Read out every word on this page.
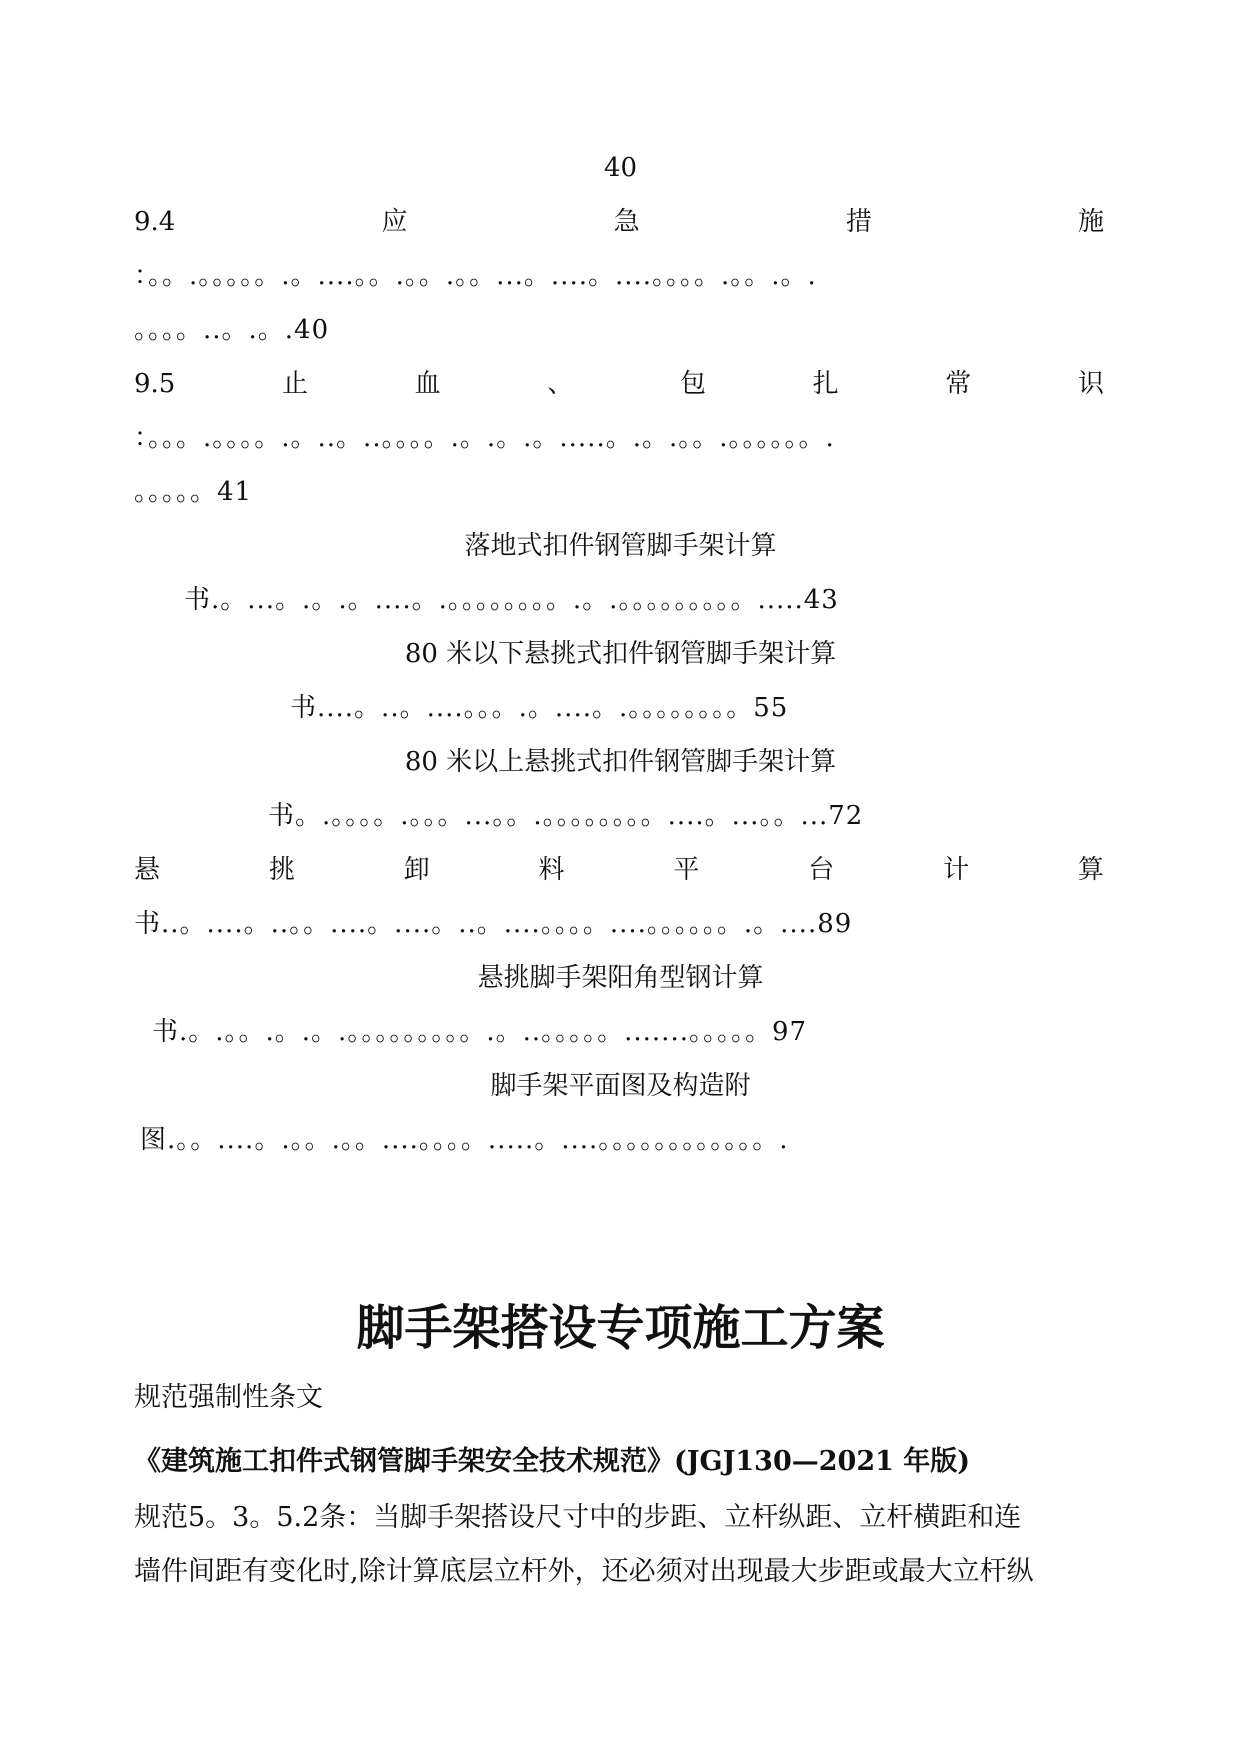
40
9.4	应	急	措	施
：。。.。。。。。.。....。。.。。.。。...。....。....。。。。.。。.。.
。。。。..。.。.40
9.5	止	血	、	包	扎	常	识
：。。。.。。。。.。..。..。。。。.。.。.。.....。.。.。。.。。。。。。.
。。。。。41
落地式扣件钢管脚手架计算
书.。...。.。.。....。.。。。。。。。。.。.。。。。。。。。。.....43
80 米以下悬挑式扣件钢管脚手架计算
书....。..。....。。。.。....。.。。。。。。。。55
80 米以上悬挑式扣件钢管脚手架计算
书。.。。。。.。。。...。。.。。。。。。。。....。...。。...72
悬	挑	卸	料	平	台	计	算
书..。....。..。。....。....。..。....。。。。....。。。。。。.。....89
悬挑脚手架阳角型钢计算
书.。.。。.。.。.。。。。。。。。。.。..。。。。。.......。。。。。97
脚手架平面图及构造附
图.。。....。.。。.。。....。。。。.....。....。。。。。。。。。。。。.
脚手架搭设专项施工方案
规范强制性条文
《建筑施工扣件式钢管脚手架安全技术规范》(JGJ130—2021 年版)
规范5。3。5.2条：当脚手架搭设尺寸中的步距、立杆纵距、立杆横距和连
墙件间距有变化时,除计算底层立杆外，还必须对出现最大步距或最大立杆纵
